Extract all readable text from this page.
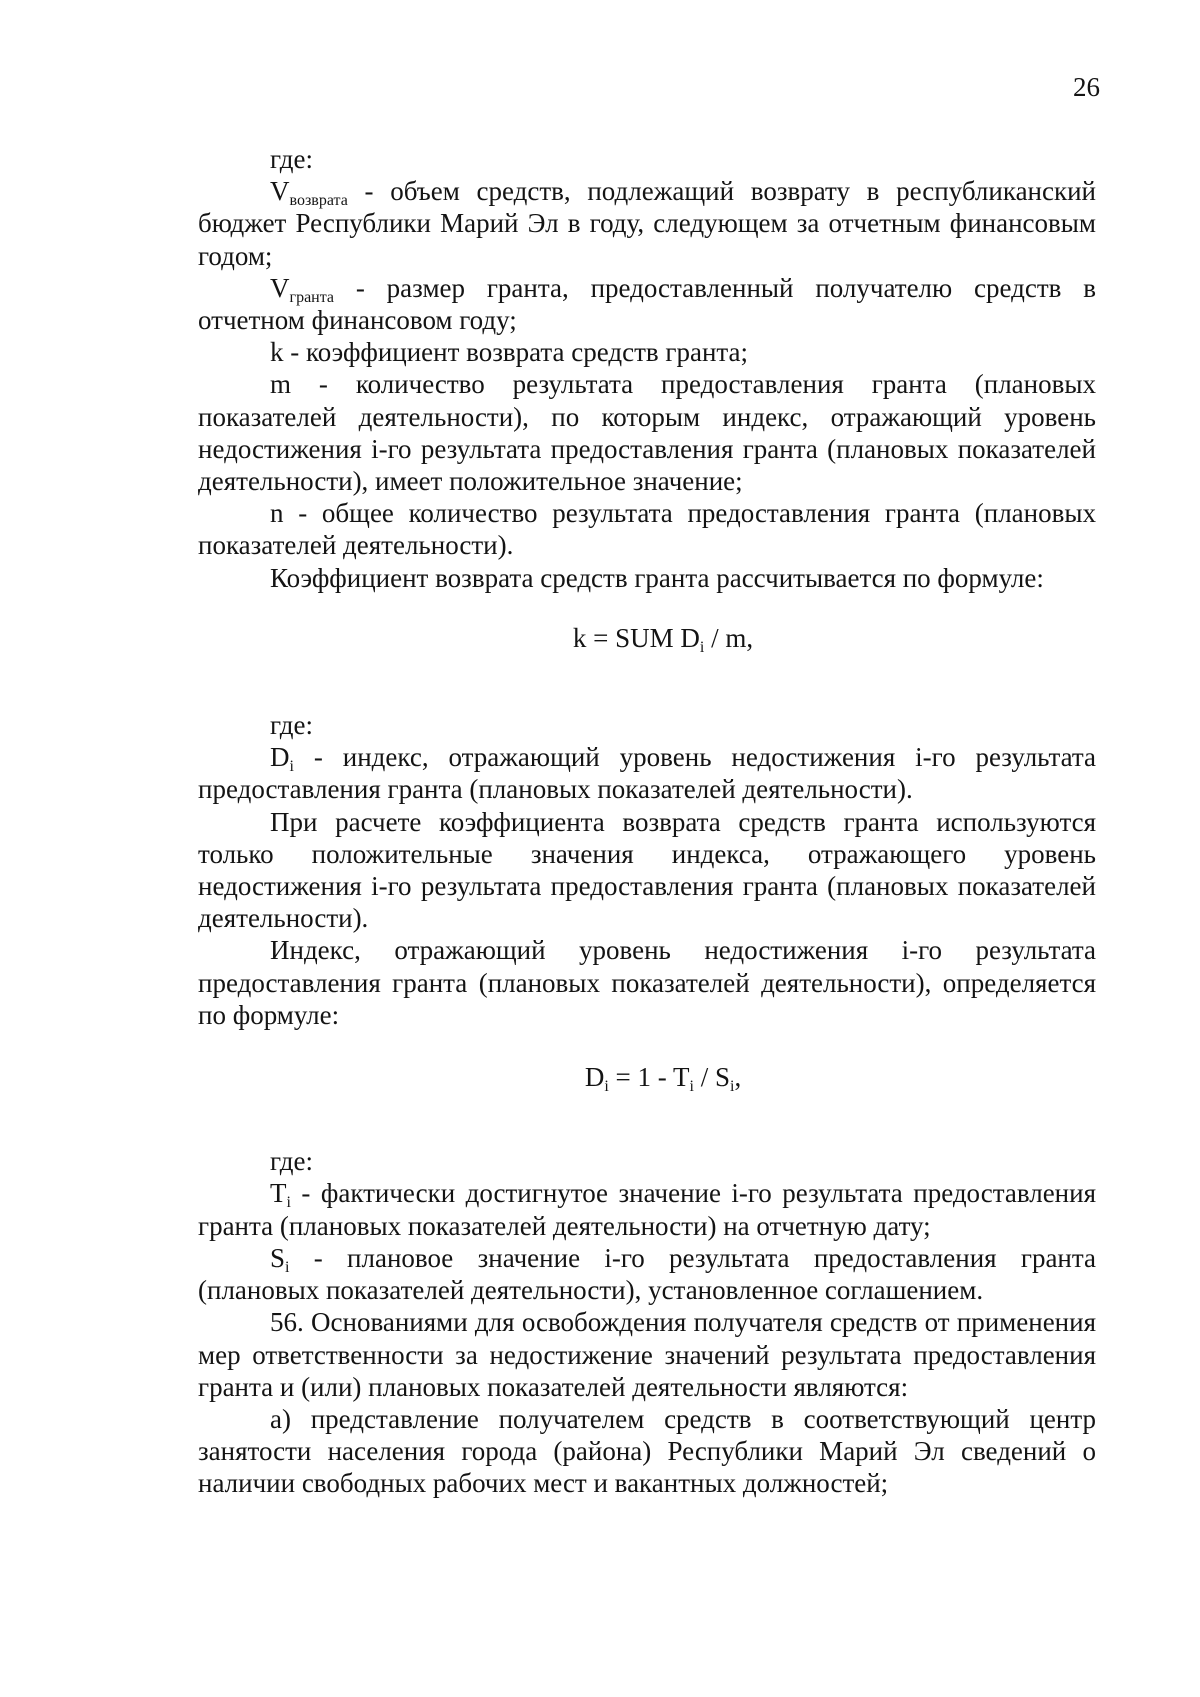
26
где:
$V_{возврата}$ - объем средств, подлежащий возврату в республиканский бюджет Республики Марий Эл в году, следующем за отчетным финансовым годом;
$V_{гранта}$ - размер гранта, предоставленный получателю средств в отчетном финансовом году;
k - коэффициент возврата средств гранта;
m - количество результата предоставления гранта (плановых показателей деятельности), по которым индекс, отражающий уровень недостижения i-го результата предоставления гранта (плановых показателей деятельности), имеет положительное значение;
n - общее количество результата предоставления гранта (плановых показателей деятельности).
Коэффициент возврата средств гранта рассчитывается по формуле:
k = SUM $D_i$ / m,
где:
$D_i$ - индекс, отражающий уровень недостижения i-го результата предоставления гранта (плановых показателей деятельности).
При расчете коэффициента возврата средств гранта используются только положительные значения индекса, отражающего уровень недостижения i-го результата предоставления гранта (плановых показателей деятельности).
Индекс, отражающий уровень недостижения i-го результата предоставления гранта (плановых показателей деятельности), определяется по формуле:
$D_i = 1 - T_i / S_i$,
где:
$T_i$ - фактически достигнутое значение i-го результата предоставления гранта (плановых показателей деятельности) на отчетную дату;
$S_i$ - плановое значение i-го результата предоставления гранта (плановых показателей деятельности), установленное соглашением.
56. Основаниями для освобождения получателя средств от применения мер ответственности за недостижение значений результата предоставления гранта и (или) плановых показателей деятельности являются:
а) представление получателем средств в соответствующий центр занятости населения города (района) Республики Марий Эл сведений о наличии свободных рабочих мест и вакантных должностей;
